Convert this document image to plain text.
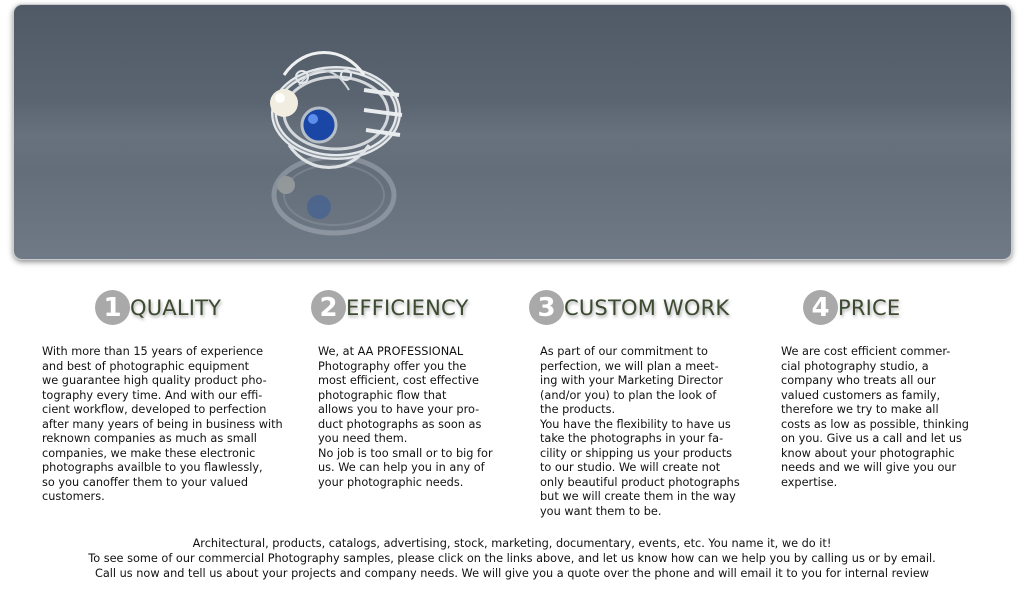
1 QUALITY
With more than 15 years of experience
and best of photographic equipment
we guarantee high quality product pho-
tography every time. And with our effi-
cient workflow, developed to perfection
after many years of being in business with
reknown companies as much as small
companies, we make these electronic
photographs availble to you flawlessly,
so you canoffer them to your valued
customers.
2 EFFICIENCY
We, at AA PROFESSIONAL
Photography offer you the
most efficient, cost effective
photographic flow that
allows you to have your pro-
duct photographs as soon as
you need them.
No job is too small or to big for
us. We can help you in any of
your photographic needs.
3 CUSTOM WORK
As part of our commitment to
perfection, we will plan a meet-
ing with your Marketing Director
(and/or you) to plan the look of
the products.
You have the flexibility to have us
take the photographs in your fa-
cility or shipping us your products
to our studio. We will create not
only beautiful product photographs
but we will create them in the way
you want them to be.
4 PRICE
We are cost efficient commer-
cial photography studio, a
company who treats all our
valued customers as family,
therefore we try to make all
costs as low as possible, thinking
on you. Give us a call and let us
know about your photographic
needs and we will give you our
expertise.
Architectural, products, catalogs, advertising, stock, marketing, documentary, events, etc. You name it, we do it!
To see some of our commercial Photography samples, please click on the links above, and let us know how can we help you by calling us or by email.
Call us now and tell us about your projects and company needs. We will give you a quote over the phone and will email it to you for internal review
